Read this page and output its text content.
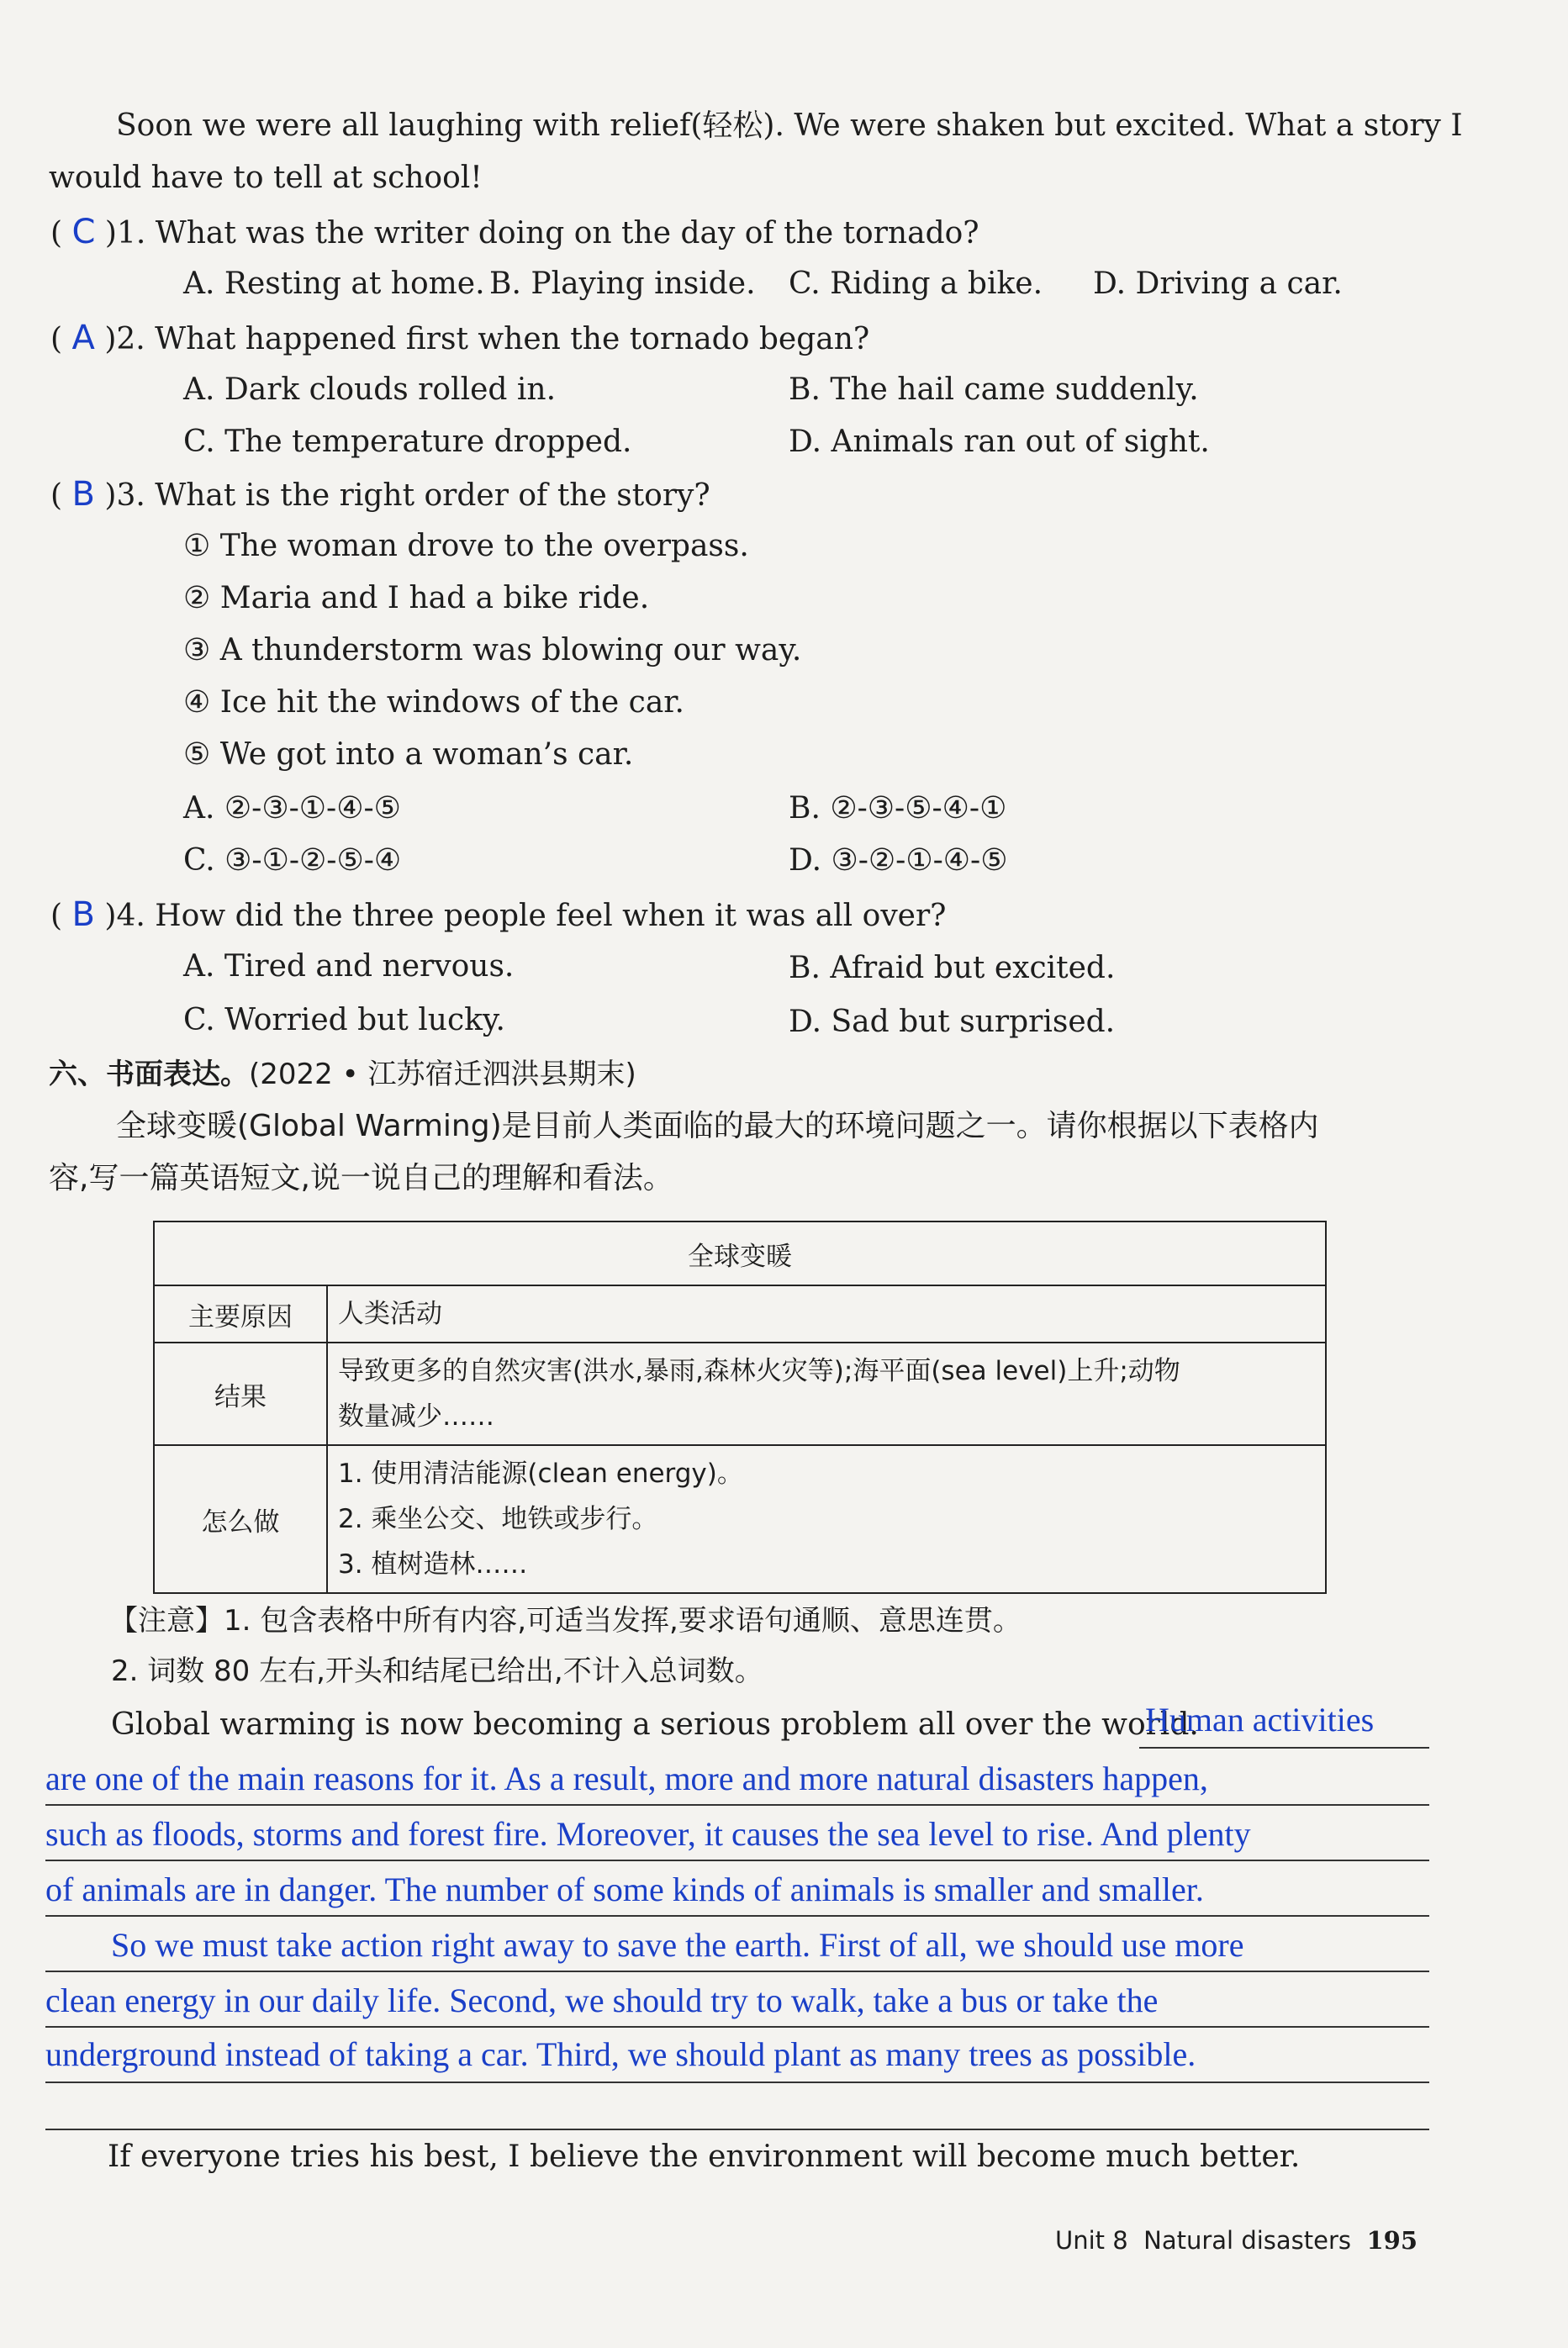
Soon we were all laughing with relief(轻松). We were shaken but excited. What a story I
would have to tell at school!
( C )1. What was the writer doing on the day of the tornado?
A. Resting at home. B. Playing inside. C. Riding a bike. D. Driving a car.
( A )2. What happened first when the tornado began?
A. Dark clouds rolled in.	B. The hail came suddenly.
C. The temperature dropped.	D. Animals ran out of sight.
( B )3. What is the right order of the story?
① The woman drove to the overpass.
② Maria and I had a bike ride.
③ A thunderstorm was blowing our way.
④ Ice hit the windows of the car.
⑤ We got into a woman’s car.
A. ②-③-①-④-⑤	B. ②-③-⑤-④-①
C. ③-①-②-⑤-④	D. ③-②-①-④-⑤
( B )4. How did the three people feel when it was all over?
A. Tired and nervous.	B. Afraid but excited.
C. Worried but lucky.	D. Sad but surprised.
六、书面表达。(2022 • 江苏宿迁泗洪县期末)
全球变暖(Global Warming)是目前人类面临的最大的环境问题之一。请你根据以下表格内
容,写一篇英语短文,说一说自己的理解和看法。
全球变暖	
主要原因	人类活动
结果	导致更多的自然灾害(洪水,暴雨,森林火灾等);海平面(sea level)上升;动物
数量减少……

怎么做	1. 使用清洁能源(clean energy)。
2. 乘坐公交、地铁或步行。
3. 植树造林……
【注意】1. 包含表格中所有内容,可适当发挥,要求语句通顺、意思连贯。
2. 词数 80 左右,开头和结尾已给出,不计入总词数。
Global warming is now becoming a serious problem all over the world.
Human activities
are one of the main reasons for it. As a result, more and more natural disasters happen,
such as floods, storms and forest fire. Moreover, it causes the sea level to rise. And plenty
of animals are in danger. The number of some kinds of animals is smaller and smaller.
So we must take action right away to save the earth. First of all, we should use more
clean energy in our daily life. Second, we should try to walk, take a bus or take the
underground instead of taking a car. Third, we should plant as many trees as possible.
If everyone tries his best, I believe the environment will become much better.
Unit 8 Natural disasters 195
